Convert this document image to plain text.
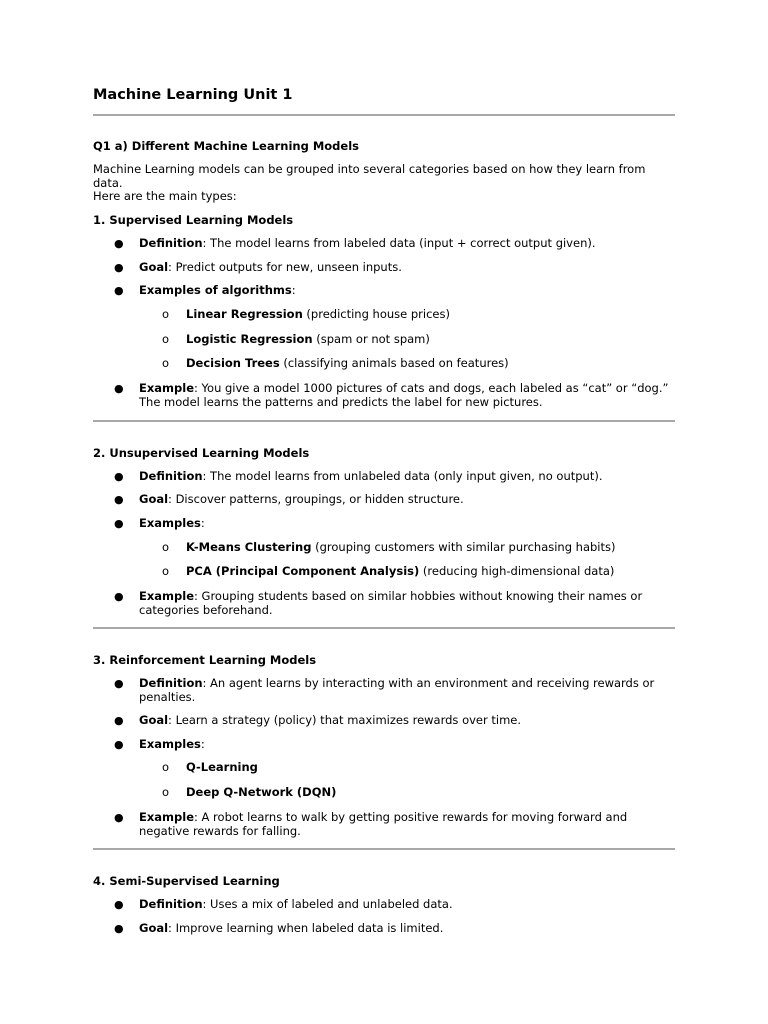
Machine Learning Unit 1
Q1 a) Different Machine Learning Models
Machine Learning models can be grouped into several categories based on how they learn from
data.
Here are the main types:
1. Supervised Learning Models
● Definition: The model learns from labeled data (input + correct output given).
● Goal: Predict outputs for new, unseen inputs.
● Examples of algorithms:
o Linear Regression (predicting house prices)
o Logistic Regression (spam or not spam)
o Decision Trees (classifying animals based on features)
● Example: You give a model 1000 pictures of cats and dogs, each labeled as “cat” or “dog.”
The model learns the patterns and predicts the label for new pictures.
2. Unsupervised Learning Models
● Definition: The model learns from unlabeled data (only input given, no output).
● Goal: Discover patterns, groupings, or hidden structure.
● Examples:
o K-Means Clustering (grouping customers with similar purchasing habits)
o PCA (Principal Component Analysis) (reducing high-dimensional data)
● Example: Grouping students based on similar hobbies without knowing their names or
categories beforehand.
3. Reinforcement Learning Models
● Definition: An agent learns by interacting with an environment and receiving rewards or
penalties.
● Goal: Learn a strategy (policy) that maximizes rewards over time.
● Examples:
o Q-Learning
o Deep Q-Network (DQN)
● Example: A robot learns to walk by getting positive rewards for moving forward and
negative rewards for falling.
4. Semi-Supervised Learning
● Definition: Uses a mix of labeled and unlabeled data.
● Goal: Improve learning when labeled data is limited.
